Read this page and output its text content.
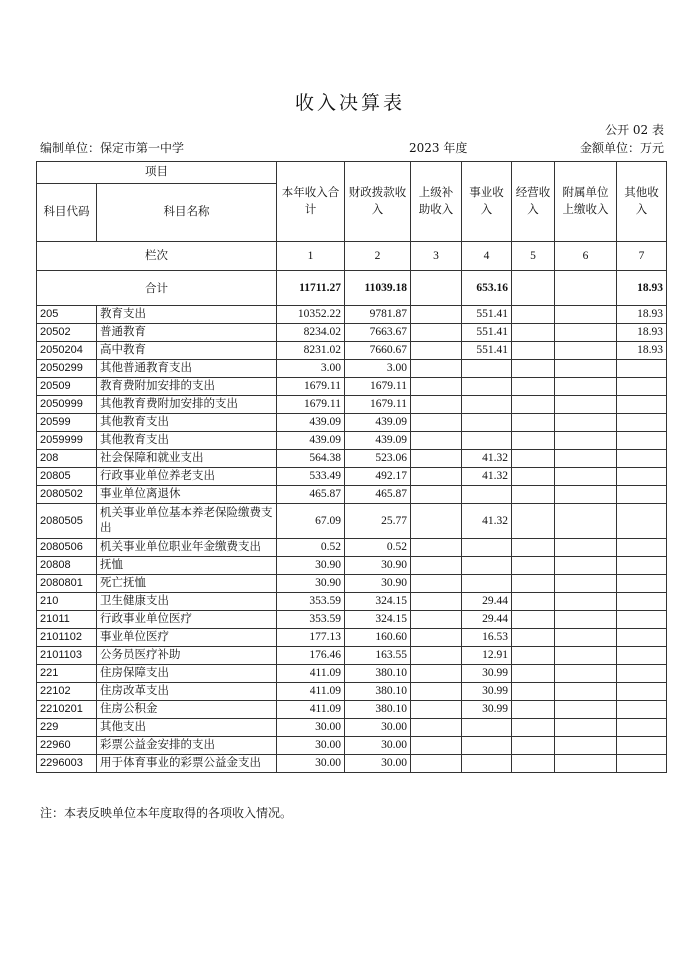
收入决算表
公开 02 表
编制单位：保定市第一中学	2023 年度	金额单位：万元
项目		本年收入合计	财政拨款收入	上级补助收入	事业收入	经营收入	附属单位上缴收入	其他收入
科目代码	科目名称							
栏次		1	2	3	4	5	6	7
合计		11711.27	11039.18		653.16			18.93
205	教育支出	10352.22	9781.87		551.41			18.93
20502	普通教育	8234.02	7663.67		551.41			18.93
2050204	高中教育	8231.02	7660.67		551.41			18.93
2050299	其他普通教育支出	3.00	3.00					
20509	教育费附加安排的支出	1679.11	1679.11					
2050999	其他教育费附加安排的支出	1679.11	1679.11					
20599	其他教育支出	439.09	439.09					
2059999	其他教育支出	439.09	439.09					
208	社会保障和就业支出	564.38	523.06		41.32			
20805	行政事业单位养老支出	533.49	492.17		41.32			
2080502	事业单位离退休	465.87	465.87					
2080505	机关事业单位基本养老保险缴费支出	67.09	25.77		41.32			
2080506	机关事业单位职业年金缴费支出	0.52	0.52					
20808	抚恤	30.90	30.90					
2080801	死亡抚恤	30.90	30.90					
210	卫生健康支出	353.59	324.15		29.44			
21011	行政事业单位医疗	353.59	324.15		29.44			
2101102	事业单位医疗	177.13	160.60		16.53			
2101103	公务员医疗补助	176.46	163.55		12.91			
221	住房保障支出	411.09	380.10		30.99			
22102	住房改革支出	411.09	380.10		30.99			
2210201	住房公积金	411.09	380.10		30.99			
229	其他支出	30.00	30.00					
22960	彩票公益金安排的支出	30.00	30.00					
2296003	用于体育事业的彩票公益金支出	30.00	30.00					
注：本表反映单位本年度取得的各项收入情况。
